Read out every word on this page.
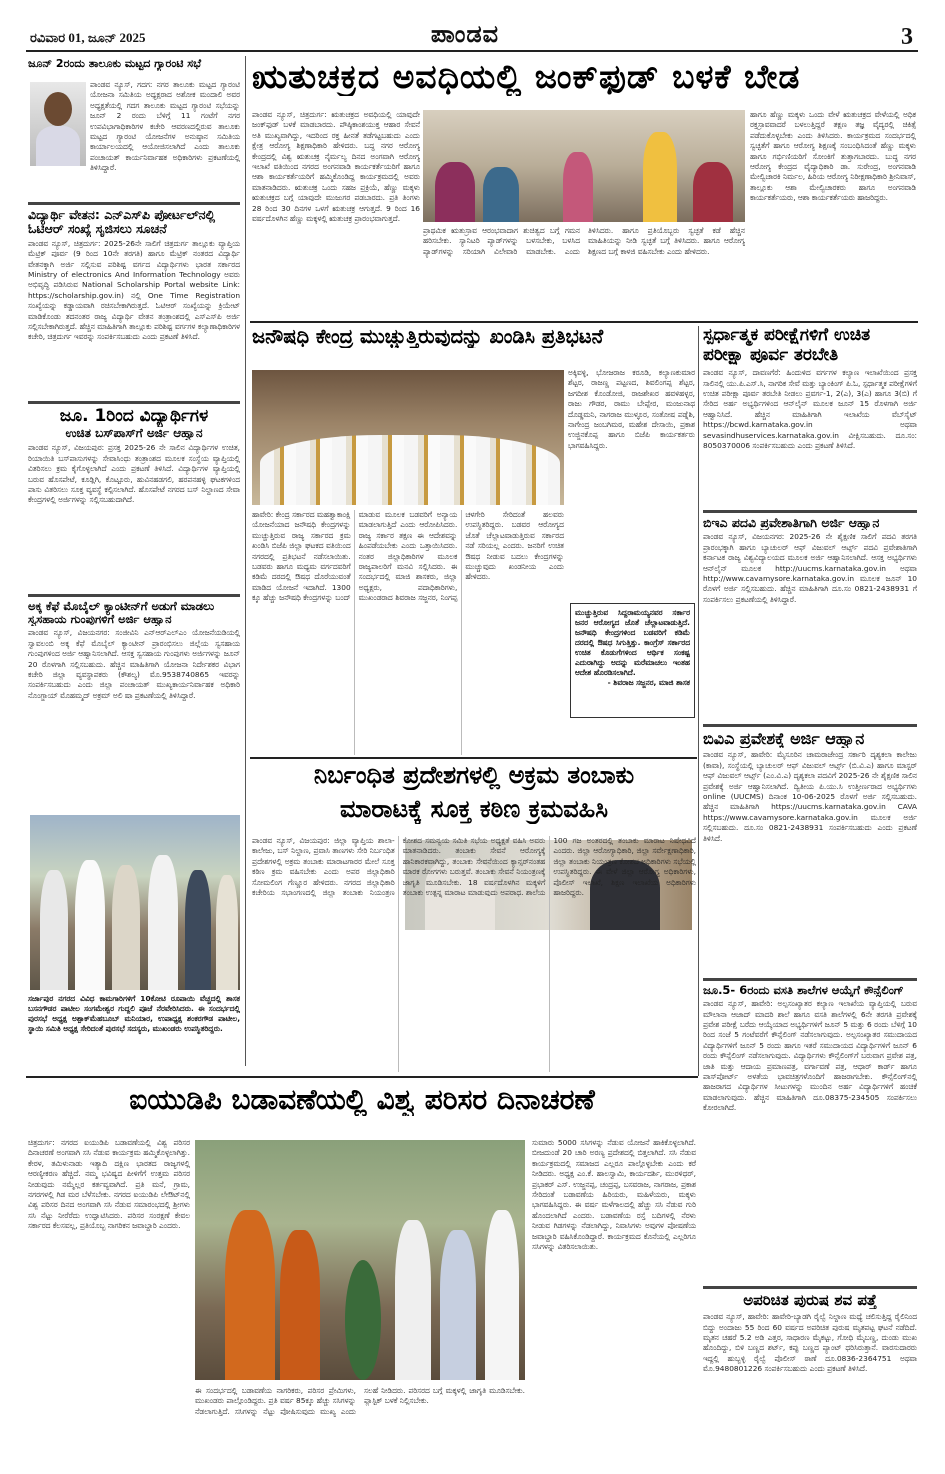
ರವಿವಾರ 01, ಜೂನ್ 2025	ಪಾಂಡವ	3
ಜೂನ್ 2ರಂದು ತಾಲೂಕು ಮಟ್ಟದ ಗ್ಯಾರಂಟಿ ಸಭೆ
ಪಾಂಡವ ನ್ಯೂಸ್, ಗದಗ: ನಗರ ತಾಲೂಕು ಮಟ್ಟದ ಗ್ಯಾರಂಟಿ ಯೋಜನಾ ಸಮಿತಿಯ ಅಧ್ಯಕ್ಷರಾದ ಅಶೋಕ ಮಂದಾಲಿ ಅವರ ಅಧ್ಯಕ್ಷತೆಯಲ್ಲಿ ಗದಗ ತಾಲೂಕು ಮಟ್ಟದ ಗ್ಯಾರಂಟಿ ಸಭೆಯನ್ನು ಜೂನ್ 2 ರಂದು ಬೆಳಿಗ್ಗೆ 11 ಗಂಟೆಗೆ ನಗರ ಉಪವಿಭಾಗಾಧಿಕಾರಿಗಳ ಕಚೇರಿ ಆವರಣದಲ್ಲಿರುವ ತಾಲೂಕು ಮಟ್ಟದ ಗ್ಯಾರಂಟಿ ಯೋಜನೆಗಳ ಅನುಷ್ಠಾನ ಸಮಿತಿಯ ಕಾರ್ಯಾಲಯದಲ್ಲಿ ಆಯೋಜಿಸಲಾಗಿದೆ ಎಂದು ತಾಲೂಕು ಪಂಚಾಯತ್ ಕಾರ್ಯನಿರ್ವಾಹಕ ಅಧಿಕಾರಿಗಳು ಪ್ರಕಟಣೆಯಲ್ಲಿ ತಿಳಿಸಿದ್ದಾರೆ.
ವಿದ್ಯಾರ್ಥಿ ವೇತನ: ಎನ್‌ಎಸ್‌ಪಿ ಪೋರ್ಟಲ್‌ನಲ್ಲಿ ಓಟಿಆರ್ ಸಂಖ್ಯೆ ಸೃಜಿಸಲು ಸೂಚನೆ
ಪಾಂಡವ ನ್ಯೂಸ್, ಚಿತ್ರದುರ್ಗ: 2025-26ನೇ ಸಾಲಿಗೆ ಚಿತ್ರದುರ್ಗ ತಾಲ್ಲೂಕು ವ್ಯಾಪ್ತಿಯ ಮೆಟ್ರಿಕ್ ಪೂರ್ವ (9 ರಿಂದ 10ನೇ ತರಗತಿ) ಹಾಗೂ ಮೆಟ್ರಿಕ್ ನಂತರದ ವಿದ್ಯಾರ್ಥಿ ವೇತನಕ್ಕಾಗಿ ಅರ್ಜಿ ಸಲ್ಲಿಸುವ ಪರಿಶಿಷ್ಟ ವರ್ಗದ ವಿದ್ಯಾರ್ಥಿಗಳು ಭಾರತ ಸರ್ಕಾರದ Ministry of electronics And Information Technology ಅವರು ಅಭಿವೃದ್ಧಿ ಪಡಿಸಿರುವ National Scholarship Portal website Link: https://scholarship.gov.in) ನಲ್ಲಿ One Time Registration ಸಂಖ್ಯೆಯನ್ನು ಕಡ್ಡಾಯವಾಗಿ ರಚಿಸಬೇಕಾಗಿರುತ್ತದೆ. ಓಟಿಆರ್ ಸಂಖ್ಯೆಯನ್ನು ಕ್ರಿಯೇಟ್ ಮಾಡಿಕೊಂಡು ತದನಂತರ ರಾಜ್ಯ ವಿದ್ಯಾರ್ಥಿ ವೇತನ ತಂತ್ರಾಂಶದಲ್ಲಿ ಎಸ್‌ಎಸ್‌ಪಿ ಅರ್ಜಿ ಸಲ್ಲಿಸಬೇಕಾಗಿರುತ್ತದೆ. ಹೆಚ್ಚಿನ ಮಾಹಿತಿಗಾಗಿ ತಾಲ್ಲೂಕು ಪರಿಶಿಷ್ಟ ವರ್ಗಗಳ ಕಲ್ಯಾಣಾಧಿಕಾರಿಗಳ ಕಚೇರಿ, ಚಿತ್ರದುರ್ಗ ಇವರನ್ನು ಸಂಪರ್ಕಿಸಬಹುದು ಎಂದು ಪ್ರಕಟಣೆ ತಿಳಿಸಿದೆ.
ಜೂ. 1ರಿಂದ ವಿದ್ಯಾರ್ಥಿಗಳ
ಉಚಿತ ಬಸ್‌ಪಾಸ್‌ಗೆ ಅರ್ಜಿ ಆಹ್ವಾನ
ಪಾಂಡವ ನ್ಯೂಸ್, ವಿಜಯಪುರ: ಪ್ರಸಕ್ತ 2025-26 ನೇ ಸಾಲಿನ ವಿದ್ಯಾರ್ಥಿಗಳ ಉಚಿತ, ರಿಯಾಯಿತಿ ಬಸ್‌ಪಾಸುಗಳನ್ನು ಸೇವಾಸಿಂಧು ತಂತ್ರಾಂಶದ ಮೂಲಕ ಸಂಸ್ಥೆಯ ವ್ಯಾಪ್ತಿಯಲ್ಲಿ ವಿತರಿಸಲು ಕ್ರಮ ಕೈಗೊಳ್ಳಲಾಗಿದೆ ಎಂದು ಪ್ರಕಟಣೆ ತಿಳಿಸಿದೆ. ವಿದ್ಯಾರ್ಥಿಗಳ ವ್ಯಾಪ್ತಿಯಲ್ಲಿ ಬರುವ ಹೊಸಪೇಟೆ, ಕೂಡ್ಲಿಗಿ, ಕೊಟ್ಟೂರು, ಹುವಿನಹಡಗಲಿ, ಹರಪನಹಳ್ಳಿ ಘಟಕಗಳಿಂದ ಪಾಸು ವಿತರಿಸಲು ಸೂಕ್ತ ವ್ಯವಸ್ಥೆ ಕಲ್ಪಿಸಲಾಗಿದೆ. ಹೊಸಪೇಟೆ ನಗರದ ಬಸ್ ನಿಲ್ದಾಣದ ಸೇವಾ ಕೇಂದ್ರಗಳಲ್ಲಿ ಅರ್ಜಿಗಳನ್ನು ಸಲ್ಲಿಸಬಹುದಾಗಿದೆ.
ಅಕ್ಕ ಕೆಫೆ ಮೊಬೈಲ್ ಕ್ಯಾಂಟೀನ್‌ಗೆ ಅಡುಗೆ ಮಾಡಲು ಸ್ವಸಹಾಯ ಗುಂಪುಗಳಿಗೆ ಅರ್ಜಿ ಆಹ್ವಾನ
ಪಾಂಡವ ನ್ಯೂಸ್, ವಿಜಯನಗರ: ಸಂಜೀವಿನಿ ಎನ್‌ಆರ್‌ಎಲ್‌ಎಂ ಯೋಜನೆಯಡಿಯಲ್ಲಿ ಸ್ವಾವಲಂಬಿ ಅಕ್ಕ ಕೆಫೆ ಮೊಬೈಲ್ ಕ್ಯಾಂಟೀನ್ ಪ್ರಾರಂಭಿಸಲು ಜಿಲ್ಲೆಯ ಸ್ವಸಹಾಯ ಗುಂಪುಗಳಿಂದ ಅರ್ಜಿ ಆಹ್ವಾನಿಸಲಾಗಿದೆ. ಆಸಕ್ತ ಸ್ವಸಹಾಯ ಗುಂಪುಗಳು ಅರ್ಜಿಗಳನ್ನು ಜೂನ್ 20 ರೊಳಗಾಗಿ ಸಲ್ಲಿಸಬಹುದು. ಹೆಚ್ಚಿನ ಮಾಹಿತಿಗಾಗಿ ಯೋಜನಾ ನಿರ್ದೇಶಕರ ವಿಭಾಗ ಕಚೇರಿ ಜಿಲ್ಲಾ ವ್ಯವಸ್ಥಾಪಕರು (ಕೌಶಲ್ಯ) ಮೊ.9538740865 ಇವರನ್ನು ಸಂಪರ್ಕಿಸಬಹುದು ಎಂದು ಜಿಲ್ಲಾ ಪಂಚಾಯತ್ ಮುಖ್ಯಕಾರ್ಯನಿರ್ವಾಹಕ ಅಧಿಕಾರಿ ನೊಂಗ್ಜಾಯ್ ಮೊಹಮ್ಮದ್ ಅಕ್ರಮ್ ಅಲಿ ಷಾ ಪ್ರಕಟಣೆಯಲ್ಲಿ ತಿಳಿಸಿದ್ದಾರೆ.
ಸರ್ಜಾಪುರ ನಗರದ ವಿವಿಧ ಕಾಮಗಾರಿಗಳಿಗೆ 10ಕೋಟಿ ರೂಪಾಯಿ ವೆಚ್ಚದಲ್ಲಿ ಶಾಸಕ ಬಸನಗೌಡರ ಪಾಟೀಲ ಸಂಗಮೇಶ್ವರ ಗುದ್ದಲಿ ಪೂಜೆ ನೆರವೇರಿಸಿದರು. ಈ ಸಂದರ್ಭದಲ್ಲಿ ಪುರಸಭೆ ಅಧ್ಯಕ್ಷ ಅಶ್ಪಾಕ್‌ಮೆಹಬೂಬ್ ಮನಿಯಾರ, ಉಪಾಧ್ಯಕ್ಷ ಶಂಕರಗೌಡ ಪಾಟೀಲ, ಸ್ಥಾಯಿ ಸಮಿತಿ ಅಧ್ಯಕ್ಷ ಸೇರಿದಂತೆ ಪುರಸಭೆ ಸದಸ್ಯರು, ಮುಖಂಡರು ಉಪಸ್ಥಿತರಿದ್ದರು.
ಋತುಚಕ್ರದ ಅವಧಿಯಲ್ಲಿ ಜಂಕ್‌ಫುಡ್ ಬಳಕೆ ಬೇಡ
ಪಾಂಡವ ನ್ಯೂಸ್, ಚಿತ್ರದುರ್ಗ: ಋತುಚಕ್ರದ ಅವಧಿಯಲ್ಲಿ ಯಾವುದೇ ಜಂಕ್‌ಫುಡ್ ಬಳಕೆ ಮಾಡಬಾರದು. ಪೌಷ್ಠಿಕಾಂಶಯುಕ್ತ ಆಹಾರ ಸೇವನೆ ಅತಿ ಮುಖ್ಯವಾಗಿದ್ದು, ಇದರಿಂದ ರಕ್ತ ಹೀನತೆ ತಡೆಗಟ್ಟಬಹುದು ಎಂದು ಕ್ಷೇತ್ರ ಆರೋಗ್ಯ ಶಿಕ್ಷಣಾಧಿಕಾರಿ ಹೇಳಿದರು. ಬದ್ಧ ನಗರ ಆರೋಗ್ಯ ಕೇಂದ್ರದಲ್ಲಿ ವಿಶ್ವ ಋತುಚಕ್ರ ನೈರ್ಮಲ್ಯ ದಿನದ ಅಂಗವಾಗಿ ಆರೋಗ್ಯ ಇಲಾಖೆ ವತಿಯಿಂದ ನಗರದ ಅಂಗನವಾಡಿ ಕಾರ್ಯಕರ್ತೆಯರಿಗೆ ಹಾಗೂ ಆಶಾ ಕಾರ್ಯಕರ್ತೆಯರಿಗೆ ಹಮ್ಮಿಕೊಂಡಿದ್ದ ಕಾರ್ಯಕ್ರಮದಲ್ಲಿ ಅವರು ಮಾತನಾಡಿದರು. ಋತುಚಕ್ರ ಒಂದು ಸಹಜ ಪ್ರಕ್ರಿಯೆ, ಹೆಣ್ಣು ಮಕ್ಕಳು ಋತುಚಕ್ರದ ಬಗ್ಗೆ ಯಾವುದೇ ಮುಜುಗರ ಪಡಬಾರದು. ಪ್ರತಿ ತಿಂಗಳು 28 ರಿಂದ 30 ದಿನಗಳ ಒಳಗೆ ಋತುಚಕ್ರ ಆಗುತ್ತದೆ. 9 ರಿಂದ 16 ವರ್ಷದೊಳಗಿನ ಹೆಣ್ಣು ಮಕ್ಕಳಲ್ಲಿ ಋತುಚಕ್ರ ಪ್ರಾರಂಭವಾಗುತ್ತದೆ.
ಪ್ರಾಥಮಿಕ ಋತುಸ್ರಾವ ಆರಂಭವಾದಾಗ ಶುಚಿತ್ವದ ಬಗ್ಗೆ ಗಮನ ಹರಿಸಬೇಕು. ಸ್ಯಾನಿಟರಿ ಪ್ಯಾಡ್‌ಗಳನ್ನು ಬಳಸಬೇಕು, ಬಳಸಿದ ಪ್ಯಾಡ್‌ಗಳನ್ನು ಸರಿಯಾಗಿ ವಿಲೇವಾರಿ ಮಾಡಬೇಕು. ಎಂದು ತಿಳಿಸಿದರು. ಹಾಗೂ ಪ್ರತಿಯೊಬ್ಬರು ಸ್ವಚ್ಛತೆ ಕಡೆ ಹೆಚ್ಚಿನ ಮಾಹಿತಿಯನ್ನು ನೀಡಿ ಸ್ವಚ್ಛತೆ ಬಗ್ಗೆ ತಿಳಿಸಿದರು. ಹಾಗೂ ಆರೋಗ್ಯ ಶಿಕ್ಷಣದ ಬಗ್ಗೆ ಕಾಳಜಿ ವಹಿಸಬೇಕು ಎಂದು ಹೇಳಿದರು.
ಹಾಗೂ ಹೆಣ್ಣು ಮಕ್ಕಳು ಒಂದು ವೇಳೆ ಋತುಚಕ್ರದ ವೇಳೆಯಲ್ಲಿ ಅಧಿಕ ರಕ್ತಸ್ರಾವವಾದರೆ ಬಳಲುತ್ತಿದ್ದರೆ ತಕ್ಷಣ ತಜ್ಞ ವೈದ್ಯರಲ್ಲಿ ಚಿಕಿತ್ಸೆ ಪಡೆದುಕೊಳ್ಳಬೇಕು ಎಂದು ತಿಳಿಸಿದರು. ಕಾರ್ಯಕ್ರಮದ ಸಂದರ್ಭದಲ್ಲಿ ಸ್ವಚ್ಛತೆಗೆ ಹಾಗೂ ಆರೋಗ್ಯ ಶಿಕ್ಷಣಕ್ಕೆ ಸಂಬಂಧಿಸಿದಂತೆ ಹೆಣ್ಣು ಮಕ್ಕಳು ಹಾಗೂ ಗರ್ಭಿಣಿಯರಿಗೆ ಸೋಂಕಿಗೆ ತುತ್ತಾಗಬಾರದು. ಬುದ್ಧ ನಗರ ಆರೋಗ್ಯ ಕೇಂದ್ರದ ವೈದ್ಯಾಧಿಕಾರಿ ಡಾ. ಸುರೇಂದ್ರ, ಅಂಗನವಾಡಿ ಮೇಲ್ವಿಚಾರಕಿ ನಿರ್ಮಲ, ಹಿರಿಯ ಆರೋಗ್ಯ ನಿರೀಕ್ಷಣಾಧಿಕಾರಿ ಶ್ರೀನಿವಾಸ್, ತಾಲ್ಲೂಕು ಆಶಾ ಮೇಲ್ವಿಚಾರಕರು ಹಾಗೂ ಅಂಗನವಾಡಿ ಕಾರ್ಯಕರ್ತೆಯರು, ಆಶಾ ಕಾರ್ಯಕರ್ತೆಯರು ಹಾಜರಿದ್ದರು.
ಜನೌಷಧಿ ಕೇಂದ್ರ ಮುಚ್ಚುತ್ತಿರುವುದನ್ನು ಖಂಡಿಸಿ ಪ್ರತಿಭಟನೆ
ಅಕ್ಕಿವಳ್ಳಿ, ಭೋಜರಾಜ ಕರೂಡಿ, ಕಲ್ಯಾಣಕುಮಾರ ಶೆಟ್ಟರ, ರಾಜಣ್ಣ ಪಟ್ಟಣದ, ಶಿವಲಿಂಗಪ್ಪ ಶೆಟ್ಟರ, ಜಗದೀಶ ಕೊಂಡೋಜಿ, ರಾಜಶೇಖರ ಹವಳಿಹಳ್ಳರ, ರಾಜು ಗೌಡರ, ರಾಮು ಬೇಪ್ಪೇರ, ಮಂಜುನಾಥ ದೊಡ್ಡಮನಿ, ನಾಗರಾಜ ಮುಳ್ಳೂರ, ಸಂತೋಷ ಪಡ್ನೆಶಿ, ನಾಗೇಂದ್ರ ಜಂಬಗಿಮಠ, ಮಹೇಶ ದೇಸಾಯಿ, ಪ್ರಕಾಶ ಉಜ್ಜಿನಕೊಪ್ಪ ಹಾಗೂ ಬಿಜೆಪಿ ಕಾರ್ಯಕರ್ತರು ಭಾಗವಹಿಸಿದ್ದರು.
ಹಾವೇರಿ: ಕೇಂದ್ರ ಸರ್ಕಾರದ ಮಹತ್ವಾಕಾಂಕ್ಷಿ ಯೋಜನೆಯಾದ ಜನೌಷಧಿ ಕೇಂದ್ರಗಳನ್ನು ಮುಚ್ಚುತ್ತಿರುವ ರಾಜ್ಯ ಸರ್ಕಾರದ ಕ್ರಮ ಖಂಡಿಸಿ ಬಿಜೆಪಿ ಜಿಲ್ಲಾ ಘಟಕದ ವತಿಯಿಂದ ನಗರದಲ್ಲಿ ಪ್ರತಿಭಟನೆ ನಡೆಸಲಾಯಿತು. ಬಡವರು ಹಾಗೂ ಮಧ್ಯಮ ವರ್ಗದವರಿಗೆ ಕಡಿಮೆ ದರದಲ್ಲಿ ಔಷಧ ದೊರೆಯುವಂತೆ ಮಾಡಿದ ಯೋಜನೆ ಇದಾಗಿದೆ. 1300 ಕ್ಕೂ ಹೆಚ್ಚು ಜನೌಷಧಿ ಕೇಂದ್ರಗಳನ್ನು ಬಂದ್ ಮಾಡುವ ಮೂಲಕ ಬಡವರಿಗೆ ಅನ್ಯಾಯ ಮಾಡಲಾಗುತ್ತಿದೆ ಎಂದು ಆರೋಪಿಸಿದರು. ರಾಜ್ಯ ಸರ್ಕಾರ ತಕ್ಷಣ ಈ ಆದೇಶವನ್ನು ಹಿಂಪಡೆಯಬೇಕು ಎಂದು ಒತ್ತಾಯಿಸಿದರು. ನಂತರ ಜಿಲ್ಲಾಧಿಕಾರಿಗಳ ಮೂಲಕ ರಾಜ್ಯಪಾಲರಿಗೆ ಮನವಿ ಸಲ್ಲಿಸಿದರು. ಈ ಸಂದರ್ಭದಲ್ಲಿ ಮಾಜಿ ಶಾಸಕರು, ಜಿಲ್ಲಾ ಅಧ್ಯಕ್ಷರು, ಪದಾಧಿಕಾರಿಗಳು, ಮುಖಂಡರಾದ ಶಿವರಾಜ ಸಜ್ಜನರ, ನಿಂಗಪ್ಪ ಚಳಗೇರಿ ಸೇರಿದಂತೆ ಹಲವರು ಉಪಸ್ಥಿತರಿದ್ದರು. ಬಡವರ ಆರೋಗ್ಯದ ಜೊತೆ ಚೆಲ್ಲಾಟವಾಡುತ್ತಿರುವ ಸರ್ಕಾರದ ನಡೆ ಸರಿಯಲ್ಲ ಎಂದರು. ಜನರಿಗೆ ಉಚಿತ ಔಷಧ ನೀಡುವ ಬದಲು ಕೇಂದ್ರಗಳನ್ನು ಮುಚ್ಚುವುದು ಖಂಡನೀಯ ಎಂದು ಹೇಳಿದರು.
ಮುಚ್ಚುತ್ತಿರುವ ಸಿದ್ದರಾಮಯ್ಯನವರ ಸರ್ಕಾರ ಜನರ ಆರೋಗ್ಯದ ಜೊತೆ ಚೆಲ್ಲಾಟವಾಡುತ್ತಿದೆ. ಜನೌಷಧಿ ಕೇಂದ್ರಗಳಿಂದ ಬಡವರಿಗೆ ಕಡಿಮೆ ದರದಲ್ಲಿ ಔಷಧ ಸಿಗುತ್ತಿತ್ತು. ಕಾಂಗ್ರೆಸ್ ಸರ್ಕಾರದ ಉಚಿತ ಕೊಡುಗೆಗಳಿಂದ ಆರ್ಥಿಕ ಸಂಕಷ್ಟ ಎದುರಾಗಿದ್ದು ಅದನ್ನು ಮರೆಮಾಚಲು ಇಂತಹ ಆದೇಶ ಹೊರಡಿಸಲಾಗಿದೆ.
- ಶಿವರಾಜ ಸಜ್ಜನರ, ಮಾಜಿ ಶಾಸಕ
ನಿರ್ಬಂಧಿತ ಪ್ರದೇಶಗಳಲ್ಲಿ ಅಕ್ರಮ ತಂಬಾಕು
ಮಾರಾಟಕ್ಕೆ ಸೂಕ್ತ ಕಠಿಣ ಕ್ರಮವಹಿಸಿ
ಪಾಂಡವ ನ್ಯೂಸ್, ವಿಜಯಪುರ: ಜಿಲ್ಲಾ ವ್ಯಾಪ್ತಿಯ ಶಾಲಾ-ಕಾಲೇಜು, ಬಸ್ ನಿಲ್ದಾಣ, ಪ್ರವಾಸಿ ತಾಣಗಳು ಸೇರಿ ನಿರ್ಬಂಧಿತ ಪ್ರದೇಶಗಳಲ್ಲಿ ಅಕ್ರಮ ತಂಬಾಕು ಮಾರಾಟಗಾರರ ಮೇಲೆ ಸೂಕ್ತ ಕಠಿಣ ಕ್ರಮ ವಹಿಸಬೇಕು ಎಂದು ಅಪರ ಜಿಲ್ಲಾಧಿಕಾರಿ ಸೋಮಲಿಂಗ ಗೆಣ್ಣೂರ ಹೇಳಿದರು. ನಗರದ ಜಿಲ್ಲಾಧಿಕಾರಿ ಕಚೇರಿಯ ಸಭಾಂಗಣದಲ್ಲಿ ಜಿಲ್ಲಾ ತಂಬಾಕು ನಿಯಂತ್ರಣ ಕೋಶದ ಸಮನ್ವಯ ಸಮಿತಿ ಸಭೆಯ ಅಧ್ಯಕ್ಷತೆ ವಹಿಸಿ ಅವರು ಮಾತನಾಡಿದರು. ತಂಬಾಕು ಸೇವನೆ ಆರೋಗ್ಯಕ್ಕೆ ಹಾನಿಕಾರಕವಾಗಿದ್ದು, ತಂಬಾಕು ಸೇವನೆಯಿಂದ ಕ್ಯಾನ್ಸರ್‌ನಂತಹ ಮಾರಕ ರೋಗಗಳು ಬರುತ್ತವೆ. ತಂಬಾಕು ಸೇವನೆ ನಿಯಂತ್ರಣಕ್ಕೆ ಜಾಗೃತಿ ಮೂಡಿಸಬೇಕು. 18 ವರ್ಷದೊಳಗಿನ ಮಕ್ಕಳಿಗೆ ತಂಬಾಕು ಉತ್ಪನ್ನ ಮಾರಾಟ ಮಾಡುವುದು ಅಪರಾಧ. ಶಾಲೆಯ 100 ಗಜ ಅಂತರದಲ್ಲಿ ತಂಬಾಕು ಮಾರಾಟ ನಿಷೇಧವಿದೆ ಎಂದರು. ಜಿಲ್ಲಾ ಆರೋಗ್ಯಾಧಿಕಾರಿ, ಜಿಲ್ಲಾ ಸರ್ವೇಕ್ಷಣಾಧಿಕಾರಿ, ಜಿಲ್ಲಾ ತಂಬಾಕು ನಿಯಂತ್ರಣ ಕೋಶದ ಅಧಿಕಾರಿಗಳು ಸಭೆಯಲ್ಲಿ ಉಪಸ್ಥಿತರಿದ್ದರು. ಈ ವೇಳೆ ಜಿಲ್ಲಾ ಆರೋಗ್ಯ ಅಧಿಕಾರಿಗಳು, ಪೊಲೀಸ್ ಇಲಾಖೆ, ಶಿಕ್ಷಣ ಇಲಾಖೆಯ ಅಧಿಕಾರಿಗಳು ಹಾಜರಿದ್ದರು.
ಸ್ಪರ್ಧಾತ್ಮಕ ಪರೀಕ್ಷೆಗಳಿಗೆ ಉಚಿತ ಪರೀಕ್ಷಾ ಪೂರ್ವ ತರಬೇತಿ
ಪಾಂಡವ ನ್ಯೂಸ್, ದಾವಣಗೆರೆ: ಹಿಂದುಳಿದ ವರ್ಗಗಳ ಕಲ್ಯಾಣ ಇಲಾಖೆಯಿಂದ ಪ್ರಸಕ್ತ ಸಾಲಿನಲ್ಲಿ ಯು.ಪಿ.ಎಸ್.ಸಿ, ನಾಗರಿಕ ಸೇವೆ ಮತ್ತು ಬ್ಯಾಂಕಿಂಗ್ ಪಿ.ಓ, ಸ್ಪರ್ಧಾತ್ಮಕ ಪರೀಕ್ಷೆಗಳಿಗೆ ಉಚಿತ ಪರೀಕ್ಷಾ ಪೂರ್ವ ತರಬೇತಿ ನೀಡಲು ಪ್ರವರ್ಗ-1, 2(ಎ), 3(ಎ) ಹಾಗೂ 3(ಬಿ) ಗೆ ಸೇರಿದ ಅರ್ಹ ಅಭ್ಯರ್ಥಿಗಳಿಂದ ಆನ್‌ಲೈನ್ ಮೂಲಕ ಜೂನ್ 15 ರೊಳಗಾಗಿ ಅರ್ಜಿ ಆಹ್ವಾನಿಸಿದೆ. ಹೆಚ್ಚಿನ ಮಾಹಿತಿಗಾಗಿ ಇಲಾಖೆಯ ವೆಬ್‌ಸೈಟ್ https://bcwd.karnataka.gov.in ಅಥವಾ sevasindhuservices.karnataka.gov.in ವೀಕ್ಷಿಸಬಹುದು. ದೂ.ಸಂ: 8050370006 ಸಂಪರ್ಕಿಸಬಹುದು ಎಂದು ಪ್ರಕಟಣೆ ತಿಳಿಸಿದೆ.
ಬಿಇಎ ಪದವಿ ಪ್ರವೇಶಾತಿಗಾಗಿ ಅರ್ಜಿ ಆಹ್ವಾನ
ಪಾಂಡವ ನ್ಯೂಸ್, ವಿಜಯನಗರ: 2025-26 ನೇ ಶೈಕ್ಷಣಿಕ ಸಾಲಿಗೆ ಪದವಿ ತರಗತಿ ಪ್ರಾರಂಭಕ್ಕಾಗಿ ಹಾಗೂ ಬ್ಯಾಚುಲರ್ ಆಫ್ ವಿಜುವಲ್ ಆರ್ಟ್ಸ್ ಪದವಿ ಪ್ರವೇಶಾತಿಗಾಗಿ ಕರ್ನಾಟಕ ರಾಜ್ಯ ವಿಶ್ವವಿದ್ಯಾಲಯದ ಮೂಲಕ ಅರ್ಜಿ ಆಹ್ವಾನಿಸಲಾಗಿದೆ. ಆಸಕ್ತ ಅಭ್ಯರ್ಥಿಗಳು ಆನ್‌ಲೈನ್ ಮೂಲಕ http://uucms.karnataka.gov.in ಅಥವಾ http://www.cavamysore.karnataka.gov.in ಮೂಲಕ ಜೂನ್ 10 ರೊಳಗೆ ಅರ್ಜಿ ಸಲ್ಲಿಸಬಹುದು. ಹೆಚ್ಚಿನ ಮಾಹಿತಿಗಾಗಿ ದೂ.ಸಂ 0821-2438931 ಗೆ ಸಂಪರ್ಕಿಸಲು ಪ್ರಕಟಣೆಯಲ್ಲಿ ತಿಳಿಸಿದ್ದಾರೆ.
ಬಿವಿಎ ಪ್ರವೇಶಕ್ಕೆ ಅರ್ಜಿ ಆಹ್ವಾನ
ಪಾಂಡವ ನ್ಯೂಸ್, ಹಾವೇರಿ: ಮೈಸೂರಿನ ಚಾಮರಾಜೇಂದ್ರ ಸರ್ಕಾರಿ ದೃಶ್ಯಕಲಾ ಕಾಲೇಜು (ಕಾವಾ), ಸಂಸ್ಥೆಯಲ್ಲಿ ಬ್ಯಾಚುಲರ್ ಆಫ್ ವಿಜುವಲ್ ಆರ್ಟ್ಸ್ (ಬಿ.ವಿ.ಎ) ಹಾಗೂ ಮಾಸ್ಟರ್ ಆಫ್ ವಿಜುವಲ್ ಆರ್ಟ್ಸ್ (ಎಂ.ವಿ.ಎ) ದೃಶ್ಯಕಲಾ ಪದವಿಗೆ 2025-26 ನೇ ಶೈಕ್ಷಣಿಕ ಸಾಲಿನ ಪ್ರವೇಶಕ್ಕೆ ಅರ್ಜಿ ಆಹ್ವಾನಿಸಲಾಗಿದೆ. ದ್ವಿತೀಯ ಪಿ.ಯು.ಸಿ ಉತ್ತೀರ್ಣರಾದ ಅಭ್ಯರ್ಥಿಗಳು online (UUCMS) ದಿನಾಂಕ 10-06-2025 ರೊಳಗೆ ಅರ್ಜಿ ಸಲ್ಲಿಸಬಹುದು. ಹೆಚ್ಚಿನ ಮಾಹಿತಿಗಾಗಿ https://uucms.karnataka.gov.in CAVA https://www.cavamysore.karnataka.gov.in ಮೂಲಕ ಅರ್ಜಿ ಸಲ್ಲಿಸಬಹುದು. ದೂ.ಸಂ 0821-2438931 ಸಂಪರ್ಕಿಸಬಹುದು ಎಂದು ಪ್ರಕಟಣೆ ತಿಳಿಸಿದೆ.
ಜೂ.5- 6ರಂದು ವಸತಿ ಶಾಲೆಗಳ ಆಯ್ಕೆಗೆ ಕೌನ್ಸೆಲಿಂಗ್
ಪಾಂಡವ ನ್ಯೂಸ್, ಹಾವೇರಿ: ಅಲ್ಪಸಂಖ್ಯಾತರ ಕಲ್ಯಾಣ ಇಲಾಖೆಯ ವ್ಯಾಪ್ತಿಯಲ್ಲಿ ಬರುವ ಮೌಲಾನಾ ಆಜಾದ್ ಮಾದರಿ ಶಾಲೆ ಹಾಗೂ ವಸತಿ ಶಾಲೆಗಳಲ್ಲಿ 6ನೇ ತರಗತಿ ಪ್ರವೇಶಕ್ಕೆ ಪ್ರವೇಶ ಪರೀಕ್ಷೆ ಬರೆದು ಆಯ್ಕೆಯಾದ ಅಭ್ಯರ್ಥಿಗಳಿಗೆ ಜೂನ್ 5 ಮತ್ತು 6 ರಂದು ಬೆಳಿಗ್ಗೆ 10 ರಿಂದ ಸಂಜೆ 5 ಗಂಟೆವರೆಗೆ ಕೌನ್ಸೆಲಿಂಗ್ ನಡೆಸಲಾಗುವುದು. ಅಲ್ಪಸಂಖ್ಯಾತರ ಸಮುದಾಯದ ವಿದ್ಯಾರ್ಥಿಗಳಿಗೆ ಜೂನ್ 5 ರಂದು ಹಾಗೂ ಇತರೆ ಸಮುದಾಯದ ವಿದ್ಯಾರ್ಥಿಗಳಿಗೆ ಜೂನ್ 6 ರಂದು ಕೌನ್ಸೆಲಿಂಗ್ ನಡೆಸಲಾಗುವುದು. ವಿದ್ಯಾರ್ಥಿಗಳು ಕೌನ್ಸೆಲಿಂಗ್‌ಗೆ ಬರುವಾಗ ಪ್ರವೇಶ ಪತ್ರ, ಜಾತಿ ಮತ್ತು ಆದಾಯ ಪ್ರಮಾಣಪತ್ರ, ವರ್ಗಾವಣೆ ಪತ್ರ, ಆಧಾರ್ ಕಾರ್ಡ್ ಹಾಗೂ ಪಾಸ್‌ಪೋರ್ಟ್ ಅಳತೆಯ ಭಾವಚಿತ್ರಗಳೊಂದಿಗೆ ಹಾಜರಾಗಬೇಕು. ಕೌನ್ಸೆಲಿಂಗ್‌ನಲ್ಲಿ ಹಾಜರಾಗದ ವಿದ್ಯಾರ್ಥಿಗಳ ಸೀಟುಗಳನ್ನು ಮುಂದಿನ ಅರ್ಹ ವಿದ್ಯಾರ್ಥಿಗಳಿಗೆ ಹಂಚಿಕೆ ಮಾಡಲಾಗುವುದು. ಹೆಚ್ಚಿನ ಮಾಹಿತಿಗಾಗಿ ದೂ.08375-234505 ಸಂಪರ್ಕಿಸಲು ಕೋರಲಾಗಿದೆ.
ಅಪರಿಚಿತ ಪುರುಷ ಶವ ಪತ್ತೆ
ಪಾಂಡವ ನ್ಯೂಸ್, ಹಾವೇರಿ: ಹಾವೇರಿ-ಬ್ಯಾಡಗಿ ರೈಲ್ವೆ ನಿಲ್ದಾಣ ಮಧ್ಯೆ ಚಲಿಸುತ್ತಿದ್ದ ರೈಲಿನಿಂದ ಬಿದ್ದು ಅಂದಾಜು 55 ರಿಂದ 60 ವರ್ಷದ ಅಪರಿಚಿತ ಪುರುಷ ಮೃತಪಟ್ಟ ಘಟನೆ ನಡೆದಿದೆ. ಮೃತನ ಚಹರೆ 5.2 ಅಡಿ ಎತ್ತರ, ಸಾಧಾರಣ ಮೈಕಟ್ಟು, ಗೋಧಿ ಮೈಬಣ್ಣ, ದುಂಡು ಮುಖ ಹೊಂದಿದ್ದು, ಬಿಳಿ ಬಣ್ಣದ ಶರ್ಟ್, ಕಪ್ಪು ಬಣ್ಣದ ಪ್ಯಾಂಟ್ ಧರಿಸಿರುತ್ತಾನೆ. ವಾರಸುದಾರರು ಇದ್ದಲ್ಲಿ ಹುಬ್ಬಳ್ಳಿ ರೈಲ್ವೆ ಪೊಲೀಸ್ ಠಾಣೆ ದೂ.0836-2364751 ಅಥವಾ ಮೊ.9480801226 ಸಂಪರ್ಕಿಸಬಹುದು ಎಂದು ಪ್ರಕಟಣೆ ತಿಳಿಸಿದೆ.
ಐಯುಡಿಪಿ ಬಡಾವಣೆಯಲ್ಲಿ ವಿಶ್ವ ಪರಿಸರ ದಿನಾಚರಣೆ
ಚಿತ್ರದುರ್ಗ: ನಗರದ ಐಯುಡಿಪಿ ಬಡಾವಣೆಯಲ್ಲಿ ವಿಶ್ವ ಪರಿಸರ ದಿನಾಚರಣೆ ಅಂಗವಾಗಿ ಸಸಿ ನೆಡುವ ಕಾರ್ಯಕ್ರಮ ಹಮ್ಮಿಕೊಳ್ಳಲಾಗಿತ್ತು. ಕೇರಳ, ತಮಿಳುನಾಡು ಇತ್ಯಾದಿ ದಕ್ಷಿಣ ಭಾರತದ ರಾಜ್ಯಗಳಲ್ಲಿ ಆರಣ್ಯೀಕರಣ ಹೆಚ್ಚಿದೆ. ನಮ್ಮ ಭವಿಷ್ಯದ ಪೀಳಿಗೆಗೆ ಉತ್ತಮ ಪರಿಸರ ನೀಡುವುದು ನಮ್ಮೆಲ್ಲರ ಕರ್ತವ್ಯವಾಗಿದೆ. ಪ್ರತಿ ಮನೆ, ಗ್ರಾಮ, ನಗರಗಳಲ್ಲಿ ಗಿಡ ಮರ ಬೆಳೆಸಬೇಕು. ನಗರದ ಐಯುಡಿಪಿ ಲೇಔಟ್‌ನಲ್ಲಿ ವಿಶ್ವ ಪರಿಸರ ದಿನದ ಅಂಗವಾಗಿ ಸಸಿ ನೆಡುವ ಸಮಾರಂಭದಲ್ಲಿ ಶ್ರೀಗಳು ಸಸಿ ನೆಟ್ಟು ನೀರೆರೆದು ಉದ್ಘಾಟಿಸಿದರು. ಪರಿಸರ ಸಂರಕ್ಷಣೆ ಕೇವಲ ಸರ್ಕಾರದ ಕೆಲಸವಲ್ಲ, ಪ್ರತಿಯೊಬ್ಬ ನಾಗರಿಕನ ಜವಾಬ್ದಾರಿ ಎಂದರು.
ಈ ಸಂದರ್ಭದಲ್ಲಿ ಬಡಾವಣೆಯ ನಾಗರಿಕರು, ಪರಿಸರ ಪ್ರೇಮಿಗಳು, ಮುಖಂಡರು ಪಾಲ್ಗೊಂಡಿದ್ದರು. ಪ್ರತಿ ವರ್ಷ 85ಕ್ಕೂ ಹೆಚ್ಚು ಸಸಿಗಳನ್ನು ನೆಡಲಾಗುತ್ತಿದೆ. ಸಸಿಗಳನ್ನು ನೆಟ್ಟು ಪೋಷಿಸುವುದು ಮುಖ್ಯ ಎಂದು ಸಲಹೆ ನೀಡಿದರು. ಪರಿಸರದ ಬಗ್ಗೆ ಮಕ್ಕಳಲ್ಲಿ ಜಾಗೃತಿ ಮೂಡಿಸಬೇಕು. ಪ್ಲಾಸ್ಟಿಕ್ ಬಳಕೆ ನಿಲ್ಲಿಸಬೇಕು.
ಸುಮಾರು 5000 ಸಸಿಗಳನ್ನು ನೆಡುವ ಯೋಜನೆ ಹಾಕಿಕೊಳ್ಳಲಾಗಿದೆ. ಬೀಜದುಂಡೆ 20 ಚಾರಿ ಅರಣ್ಯ ಪ್ರದೇಶದಲ್ಲಿ ಬಿತ್ತಲಾಗಿದೆ. ಸಸಿ ನೆಡುವ ಕಾರ್ಯಕ್ರಮದಲ್ಲಿ ಸಮಾಜದ ಎಲ್ಲರೂ ಪಾಲ್ಗೊಳ್ಳಬೇಕು ಎಂದು ಕರೆ ನೀಡಿದರು. ಅಧ್ಯಕ್ಷ ಎಂ.ಕೆ. ಹಾಲಸ್ವಾಮಿ, ಕಾರ್ಯದರ್ಶಿ, ಮುರಳಿಧರ್, ಪ್ರಭಾಕರ್ ಎಸ್. ಉಜ್ಜನಪ್ಪ, ಚಂದ್ರಪ್ಪ, ಬಸವರಾಜ, ನಾಗರಾಜ, ಪ್ರಕಾಶ ಸೇರಿದಂತೆ ಬಡಾವಣೆಯ ಹಿರಿಯರು, ಮಹಿಳೆಯರು, ಮಕ್ಕಳು ಭಾಗವಹಿಸಿದ್ದರು. ಈ ವರ್ಷ ಮಳೆಗಾಲದಲ್ಲಿ ಹೆಚ್ಚು ಸಸಿ ನೆಡುವ ಗುರಿ ಹೊಂದಲಾಗಿದೆ ಎಂದರು. ಬಡಾವಣೆಯ ರಸ್ತೆ ಬದಿಗಳಲ್ಲಿ ನೆರಳು ನೀಡುವ ಗಿಡಗಳನ್ನು ನೆಡಲಾಗಿದ್ದು, ನಿವಾಸಿಗಳು ಅವುಗಳ ಪೋಷಣೆಯ ಜವಾಬ್ದಾರಿ ವಹಿಸಿಕೊಂಡಿದ್ದಾರೆ. ಕಾರ್ಯಕ್ರಮದ ಕೊನೆಯಲ್ಲಿ ಎಲ್ಲರಿಗೂ ಸಸಿಗಳನ್ನು ವಿತರಿಸಲಾಯಿತು.
